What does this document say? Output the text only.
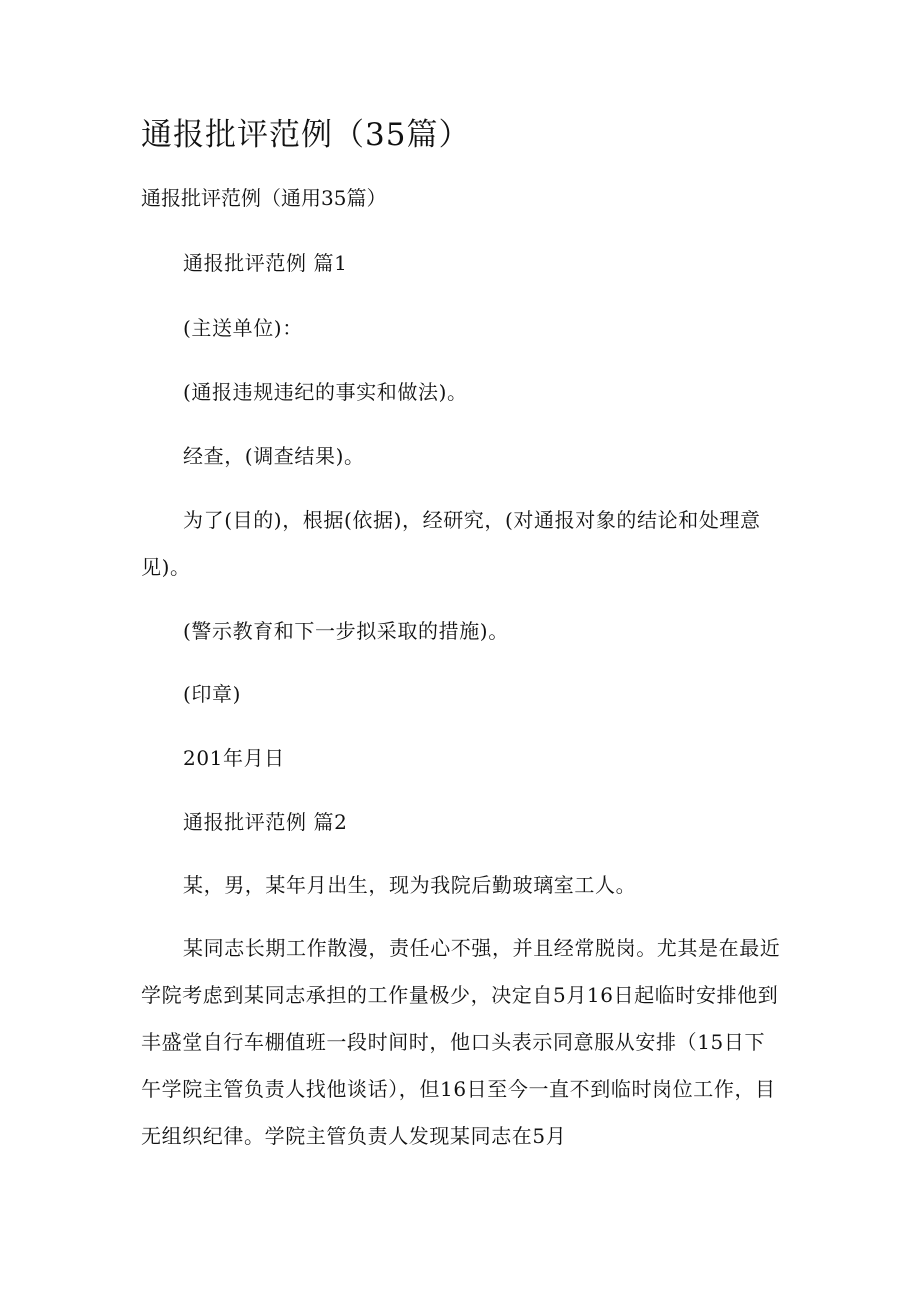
通报批评范例（35篇）
通报批评范例（通用35篇）

通报批评范例 篇1

(主送单位)：

(通报违规违纪的事实和做法)。

经查，(调查结果)。

为了(目的)，根据(依据)，经研究，(对通报对象的结论和处理意见)。

(警示教育和下一步拟采取的措施)。

(印章)

201年月日

通报批评范例 篇2

某，男，某年月出生，现为我院后勤玻璃室工人。

某同志长期工作散漫，责任心不强，并且经常脱岗。尤其是在最近学院考虑到某同志承担的工作量极少，决定自5月16日起临时安排他到丰盛堂自行车棚值班一段时间时，他口头表示同意服从安排（15日下午学院主管负责人找他谈话），但16日至今一直不到临时岗位工作，目无组织纪律。学院主管负责人发现某同志在5月
